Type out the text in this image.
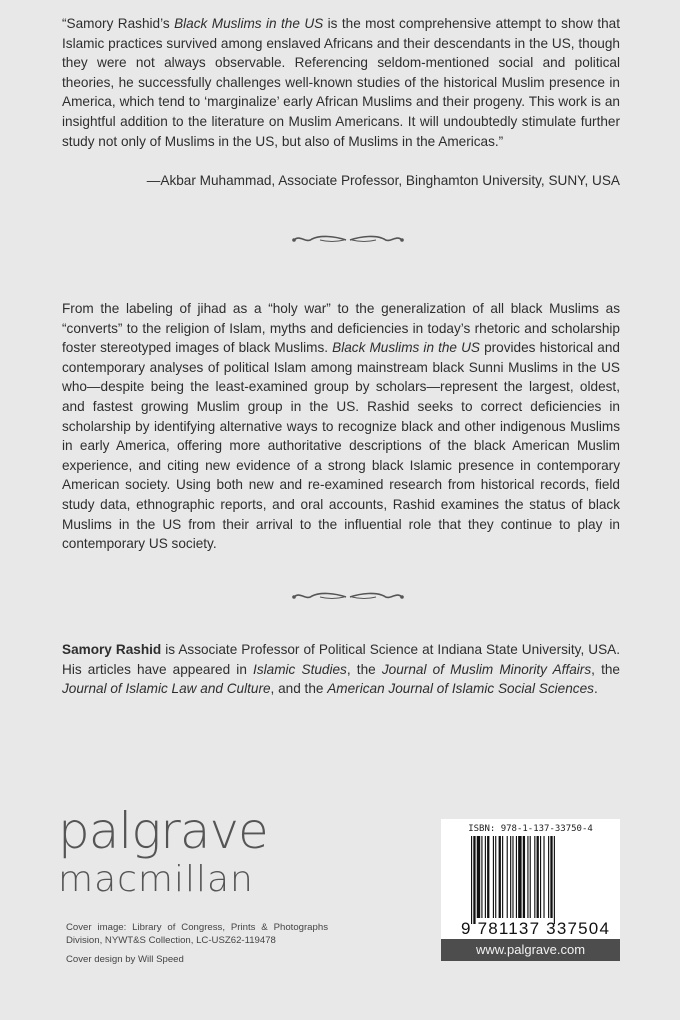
“Samory Rashid’s Black Muslims in the US is the most comprehensive attempt to show that Islamic practices survived among enslaved Africans and their descendants in the US, though they were not always observable. Referencing seldom-mentioned social and political theories, he successfully challenges well-known studies of the historical Muslim presence in America, which tend to ‘marginalize’ early African Muslims and their progeny. This work is an insightful addition to the literature on Muslim Americans. It will undoubtedly stimulate further study not only of Muslims in the US, but also of Muslims in the Americas.”
—Akbar Muhammad, Associate Professor, Binghamton University, SUNY, USA
From the labeling of jihad as a “holy war” to the generalization of all black Muslims as “converts” to the religion of Islam, myths and deficiencies in today’s rhetoric and scholarship foster stereotyped images of black Muslims. Black Muslims in the US provides historical and contemporary analyses of political Islam among mainstream black Sunni Muslims in the US who—despite being the least-examined group by scholars—represent the largest, oldest, and fastest growing Muslim group in the US. Rashid seeks to correct deficiencies in scholarship by identifying alternative ways to recognize black and other indigenous Muslims in early America, offering more authoritative descriptions of the black American Muslim experience, and citing new evidence of a strong black Islamic presence in contemporary American society. Using both new and re-examined research from historical records, field study data, ethnographic reports, and oral accounts, Rashid examines the status of black Muslims in the US from their arrival to the influential role that they continue to play in contemporary US society.
Samory Rashid is Associate Professor of Political Science at Indiana State University, USA. His articles have appeared in Islamic Studies, the Journal of Muslim Minority Affairs, the Journal of Islamic Law and Culture, and the American Journal of Islamic Social Sciences.
palgrave
macmillan
Cover image: Library of Congress, Prints & Photographs Division, NYWT&S Collection, LC-USZ62-119478
Cover design by Will Speed
ISBN: 978-1-137-33750-4
9 781137 337504
www.palgrave.com
